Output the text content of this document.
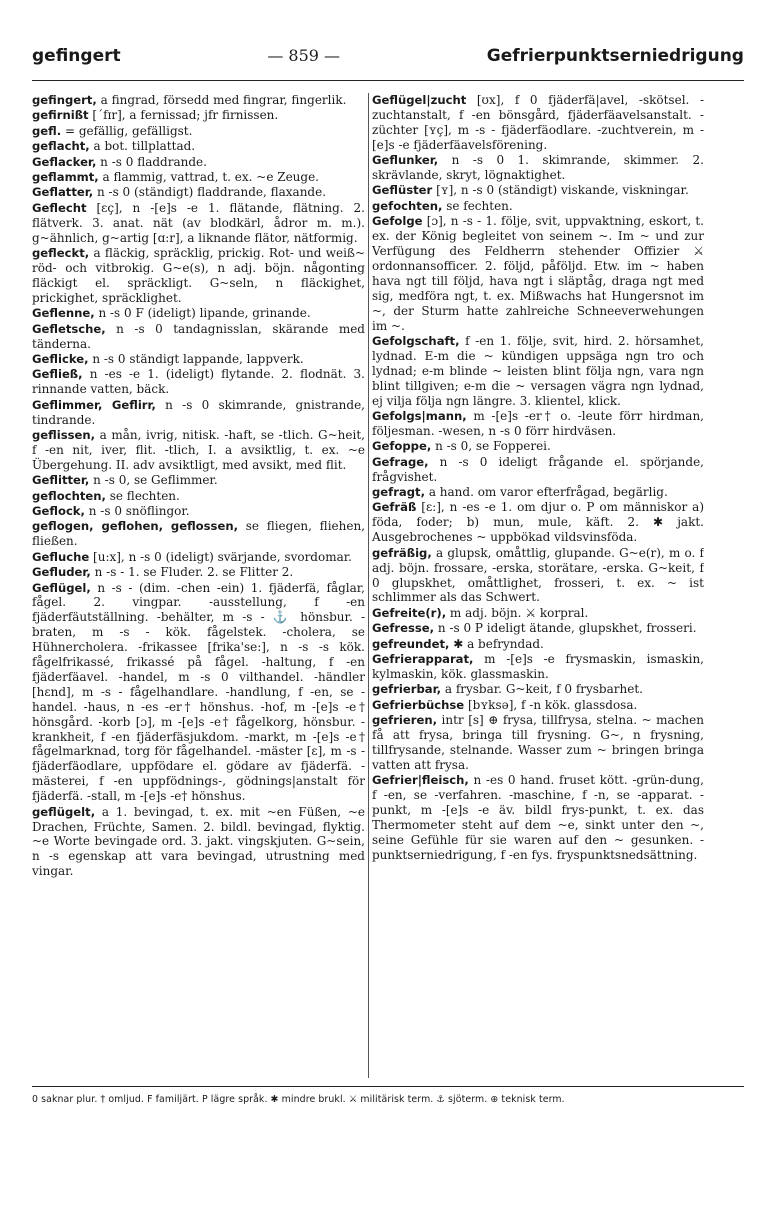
gefingert	— 859 —	Gefrierpunktserniedrigung
gefingert, a fingrad, försedd med fingrar, fingerlik.
gefirnißt [´fɪr], a fernissad; jfr firnissen.
gefl. = gefällig, gefälligst.
geflacht, a bot. tillplattad.
Geflacker, n -s 0 fladdrande.
geflammt, a flammig, vattrad, t. ex. ~e Zeuge.
Geflatter, n -s 0 (ständigt) fladdrande, flaxande.
Geflecht [ɛç], n -[e]s -e 1. flätande, flätning. 2. flätverk. 3. anat. nät (av blodkärl, ådror m. m.). g~ähnlich, g~artig [ɑ:r], a liknande flätor, nätformig.
gefleckt, a fläckig, spräcklig, prickig. Rot- und weiß~ röd- och vitbrokig. G~e(s), n adj. böjn. någonting fläckigt el. spräckligt. G~seln, n fläckighet, prickighet, spräcklighet.
Geflenne, n -s 0 F (ideligt) lipande, grinande.
Gefletsche, n -s 0 tandagnisslan, skärande med tänderna.
Geflicke, n -s 0 ständigt lappande, lappverk.
Gefließ, n -es -e 1. (ideligt) flytande. 2. flodnät. 3. rinnande vatten, bäck.
Geflimmer, Geflirr, n -s 0 skimrande, gnistrande, tindrande.
geflissen, a mån, ivrig, nitisk. -haft, se -tlich. G~heit, f -en nit, iver, flit. -tlich, I. a avsiktlig, t. ex. ~e Übergehung. II. adv avsiktligt, med avsikt, med flit.
Geflitter, n -s 0, se Geflimmer.
geflochten, se flechten.
Geflock, n -s 0 snöflingor.
geflogen, geflohen, geflossen, se fliegen, fliehen, fließen.
Gefluche [u:x], n -s 0 (ideligt) svärjande, svordomar.
Gefluder, n -s - 1. se Fluder. 2. se Flitter 2.
Geflügel, n -s - (dim. -chen -ein) 1. fjäderfä, fåglar, fågel. 2. vingpar. -ausstellung, f -en fjäderfäutställning. -behälter, m -s - ⚓ hönsbur. -braten, m -s - kök. fågelstek. -cholera, se Hühnercholera. -frikassee [frika'se:], n -s -s kök. fågelfrikassé, frikassé på fågel. -haltung, f -en fjäderfäavel. -handel, m -s 0 vilthandel. -händler [hɛnd], m -s - fågelhandlare. -handlung, f -en, se -handel. -haus, n -es -er† hönshus. -hof, m -[e]s -e† hönsgård. -korb [ɔ], m -[e]s -e† fågelkorg, hönsbur. -krankheit, f -en fjäderfäsjukdom. -markt, m -[e]s -e† fågelmarknad, torg för fågelhandel. -mäster [ɛ], m -s - fjäderfäodlare, uppfödare el. gödare av fjäderfä. -mästerei, f -en uppfödnings-, gödnings|anstalt för fjäderfä. -stall, m -[e]s -e† hönshus.
geflügelt, a 1. bevingad, t. ex. mit ~en Füßen, ~e Drachen, Früchte, Samen. 2. bildl. bevingad, flyktig. ~e Worte bevingade ord. 3. jakt. vingskjuten. G~sein, n -s egenskap att vara bevingad, utrustning med vingar.
Geflügel|zucht [ʊx], f 0 fjäderfä|avel, -skötsel. -zuchtanstalt, f -en bönsgård, fjäderfäavelsanstalt. -züchter [ʏç], m -s - fjäderfäodlare. -zuchtverein, m -[e]s -e fjäderfäavelsförening.
Geflunker, n -s 0 1. skimrande, skimmer. 2. skrävlande, skryt, lögnaktighet.
Geflüster [ʏ], n -s 0 (ständigt) viskande, viskningar.
gefochten, se fechten.
Gefolge [ɔ], n -s - 1. följe, svit, uppvaktning, eskort, t. ex. der König begleitet von seinem ~. Im ~ und zur Verfügung des Feldherrn stehender Offizier ⚔ ordonnansofficer. 2. följd, påföljd. Etw. im ~ haben hava ngt till följd, hava ngt i släptåg, draga ngt med sig, medföra ngt, t. ex. Mißwachs hat Hungersnot im ~, der Sturm hatte zahlreiche Schneeverwehungen im ~.
Gefolgschaft, f -en 1. följe, svit, hird. 2. hörsamhet, lydnad. E-m die ~ kündigen uppsäga ngn tro och lydnad; e-m blinde ~ leisten blint följa ngn, vara ngn blint tillgiven; e-m die ~ versagen vägra ngn lydnad, ej vilja följa ngn längre. 3. klientel, klick.
Gefolgs|mann, m -[e]s -er† o. -leute förr hirdman, följesman. -wesen, n -s 0 förr hirdväsen.
Gefoppe, n -s 0, se Fopperei.
Gefrage, n -s 0 ideligt frågande el. spörjande, frågvishet.
gefragt, a hand. om varor efterfrågad, begärlig.
Gefräß [ɛ:], n -es -e 1. om djur o. P om människor a) föda, foder; b) mun, mule, käft. 2. ✱ jakt. Ausgebrochenes ~ uppbökad vildsvinsföda.
gefräßig, a glupsk, omåttlig, glupande. G~e(r), m o. f adj. böjn. frossare, -erska, storätare, -erska. G~keit, f 0 glupskhet, omåttlighet, frosseri, t. ex. ~ ist schlimmer als das Schwert.
Gefreite(r), m adj. böjn. ⚔ korpral.
Gefresse, n -s 0 P ideligt ätande, glupskhet, frosseri.
gefreundet, ✱ a befryndad.
Gefrierapparat, m -[e]s -e frysmaskin, ismaskin, kylmaskin, kök. glassmaskin.
gefrierbar, a frysbar. G~keit, f 0 frysbarhet.
Gefrierbüchse [bʏksə], f -n kök. glassdosa.
gefrieren, intr [s] ⊕ frysa, tillfrysa, stelna. ~ machen få att frysa, bringa till frysning. G~, n frysning, tillfrysande, stelnande. Wasser zum ~ bringen bringa vatten att frysa.
Gefrier|fleisch, n -es 0 hand. fruset kött. -grün-dung, f -en, se -verfahren. -maschine, f -n, se -apparat. -punkt, m -[e]s -e äv. bildl frys-punkt, t. ex. das Thermometer steht auf dem ~e, sinkt unter den ~, seine Gefühle für sie waren auf den ~ gesunken. -punktserniedrigung, f -en fys. fryspunktsnedsättning.
0 saknar plur. † omljud. F familjärt. P lägre språk. ✱ mindre brukl. ⚔ militärisk term. ⚓ sjöterm. ⊕ teknisk term.
